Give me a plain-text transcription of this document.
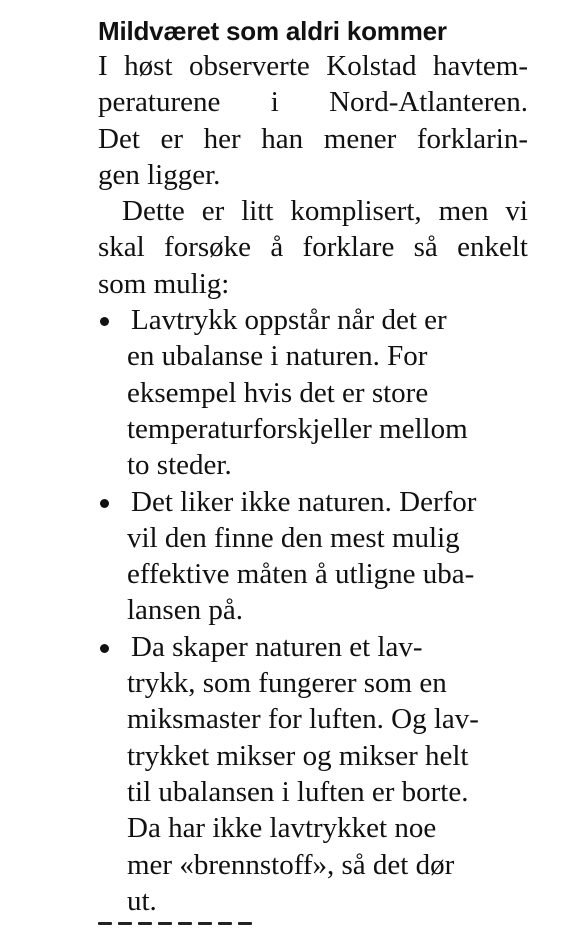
Mildværet som aldri kommer

I høst observerte Kolstad havtem-
peraturene i Nord-Atlanteren.
Det er her han mener forklarin-
gen ligger.

Dette er litt komplisert, men vi
skal forsøke å forklare så enkelt
som mulig:

Lavtrykk oppstår når det er
en ubalanse i naturen. For
eksempel hvis det er store
temperaturforskjeller mellom
to steder.
Det liker ikke naturen. Derfor
vil den finne den mest mulig
effektive måten å utligne uba-
lansen på.
Da skaper naturen et lav-
trykk, som fungerer som en
miksmaster for luften. Og lav-
trykket mikser og mikser helt
til ubalansen i luften er borte.
Da har ikke lavtrykket noe
mer «brennstoff», så det dør
ut.
